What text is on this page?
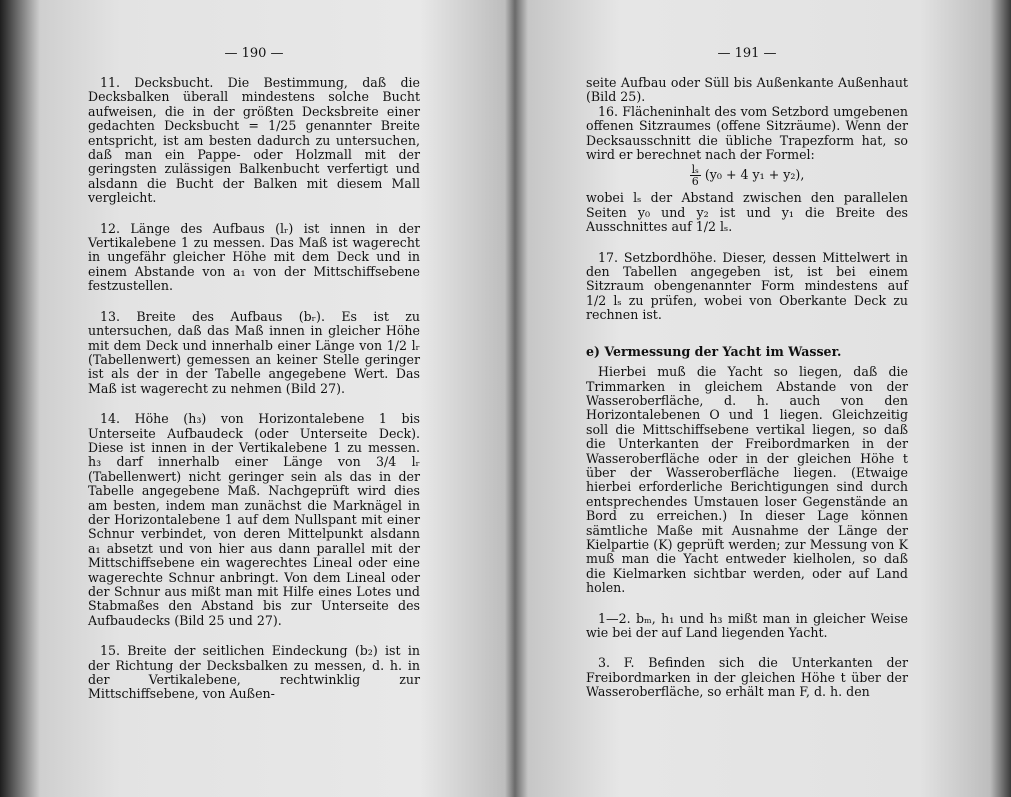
— 190 —

11. Decksbucht. Die Bestimmung, daß die Decksbalken überall mindestens solche Bucht aufweisen, die in der größten Decksbreite einer gedachten Decksbucht = 1/25 genannter Breite entspricht, ist am besten dadurch zu untersuchen, daß man ein Pappe- oder Holzmall mit der geringsten zulässigen Balkenbucht verfertigt und alsdann die Bucht der Balken mit diesem Mall vergleicht.

12. Länge des Aufbaus (lᵣ) ist innen in der Vertikalebene 1 zu messen. Das Maß ist wagerecht in ungefähr gleicher Höhe mit dem Deck und in einem Abstande von a₁ von der Mittschiffsebene festzustellen.

13. Breite des Aufbaus (bᵣ). Es ist zu untersuchen, daß das Maß innen in gleicher Höhe mit dem Deck und innerhalb einer Länge von 1/2 lᵣ (Tabellenwert) gemessen an keiner Stelle geringer ist als der in der Tabelle angegebene Wert. Das Maß ist wagerecht zu nehmen (Bild 27).

14. Höhe (h₃) von Horizontalebene 1 bis Unterseite Aufbaudeck (oder Unterseite Deck). Diese ist innen in der Vertikalebene 1 zu messen. h₃ darf innerhalb einer Länge von 3/4 lᵣ (Tabellenwert) nicht geringer sein als das in der Tabelle angegebene Maß. Nachgeprüft wird dies am besten, indem man zunächst die Marknägel in der Horizontalebene 1 auf dem Nullspant mit einer Schnur verbindet, von deren Mittelpunkt alsdann a₁ absetzt und von hier aus dann parallel mit der Mittschiffsebene ein wagerechtes Lineal oder eine wagerechte Schnur anbringt. Von dem Lineal oder der Schnur aus mißt man mit Hilfe eines Lotes und Stabmaßes den Abstand bis zur Unterseite des Aufbaudecks (Bild 25 und 27).

15. Breite der seitlichen Eindeckung (b₂) ist in der Richtung der Decksbalken zu messen, d. h. in der Vertikalebene, rechtwinklig zur Mittschiffsebene, von Außen-

— 191 —

seite Aufbau oder Süll bis Außenkante Außenhaut (Bild 25).

16. Flächeninhalt des vom Setzbord umgebenen offenen Sitzraumes (offene Sitzräume). Wenn der Decksausschnitt die übliche Trapezform hat, so wird er berechnet nach der Formel:

$\frac{\text{lₛ}}{6} (y_0 + 4$ y₁ + y₂),

wobei lₛ der Abstand zwischen den parallelen Seiten y₀ und y₂ ist und y₁ die Breite des Ausschnittes auf 1/2 lₛ.

17. Setzbordhöhe. Dieser, dessen Mittelwert in den Tabellen angegeben ist, ist bei einem Sitzraum obengenannter Form mindestens auf 1/2 lₛ zu prüfen, wobei von Oberkante Deck zu rechnen ist.

e) Vermessung der Yacht im Wasser.

Hierbei muß die Yacht so liegen, daß die Trimmarken in gleichem Abstande von der Wasseroberfläche, d. h. auch von den Horizontalebenen O und 1 liegen. Gleichzeitig soll die Mittschiffsebene vertikal liegen, so daß die Unterkanten der Freibordmarken in der Wasseroberfläche oder in der gleichen Höhe t über der Wasseroberfläche liegen. (Etwaige hierbei erforderliche Berichtigungen sind durch entsprechendes Umstauen loser Gegenstände an Bord zu erreichen.) In dieser Lage können sämtliche Maße mit Ausnahme der Länge der Kielpartie (K) geprüft werden; zur Messung von K muß man die Yacht entweder kielholen, so daß die Kielmarken sichtbar werden, oder auf Land holen.

1—2. bₘ, h₁ und h₃ mißt man in gleicher Weise wie bei der auf Land liegenden Yacht.

3. F. Befinden sich die Unterkanten der Freibordmarken in der gleichen Höhe t über der Wasseroberfläche, so erhält man F, d. h. den
